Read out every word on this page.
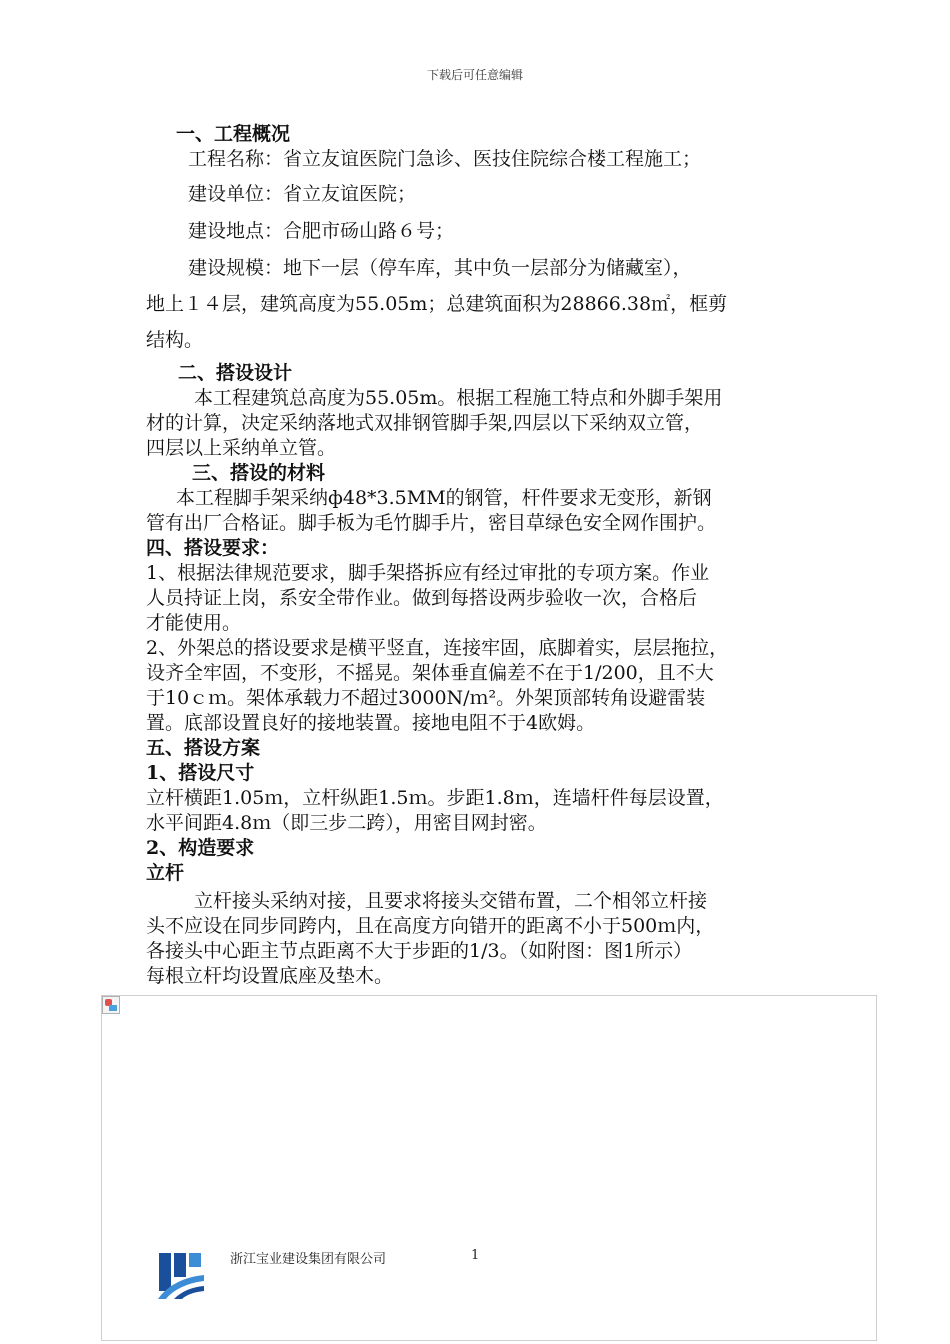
下载后可任意编辑

一、工程概况

工程名称：省立友谊医院门急诊、医技住院综合楼工程施工；

建设单位：省立友谊医院；

建设地点：合肥市砀山路６号；

建设规模：地下一层（停车库，其中负一层部分为储藏室），

地上１４层，建筑高度为55.05m；总建筑面积为28866.38㎡，框剪

结构。

二、搭设设计

本工程建筑总高度为55.05m。根据工程施工特点和外脚手架用

材的计算，决定采纳落地式双排钢管脚手架,四层以下采纳双立管，

四层以上采纳单立管。

三、搭设的材料

本工程脚手架采纳ф48*3.5MM的钢管，杆件要求无变形，新钢

管有出厂合格证。脚手板为毛竹脚手片，密目草绿色安全网作围护。

四、搭设要求：

1、根据法律规范要求，脚手架搭拆应有经过审批的专项方案。作业

人员持证上岗，系安全带作业。做到每搭设两步验收一次，合格后

才能使用。

2、外架总的搭设要求是横平竖直，连接牢固，底脚着实，层层拖拉，

设齐全牢固，不变形，不摇晃。架体垂直偏差不在于1/200，且不大

于10ｃｍ。架体承载力不超过3000N/ｍ²。外架顶部转角设避雷装

置。底部设置良好的接地装置。接地电阻不于4欧姆。

五、搭设方案

1、搭设尺寸

立杆横距1.05ｍ，立杆纵距1.5ｍ。步距1.8ｍ，连墙杆件每层设置，

水平间距4.8ｍ（即三步二跨），用密目网封密。

2、构造要求

立杆

立杆接头采纳对接，且要求将接头交错布置，二个相邻立杆接

头不应设在同步同跨内，且在高度方向错开的距离不小于500ｍ内，

各接头中心距主节点距离不大于步距的1/3。（如附图：图1所示）

每根立杆均设置底座及垫木。

浙江宝业建设集团有限公司	1
